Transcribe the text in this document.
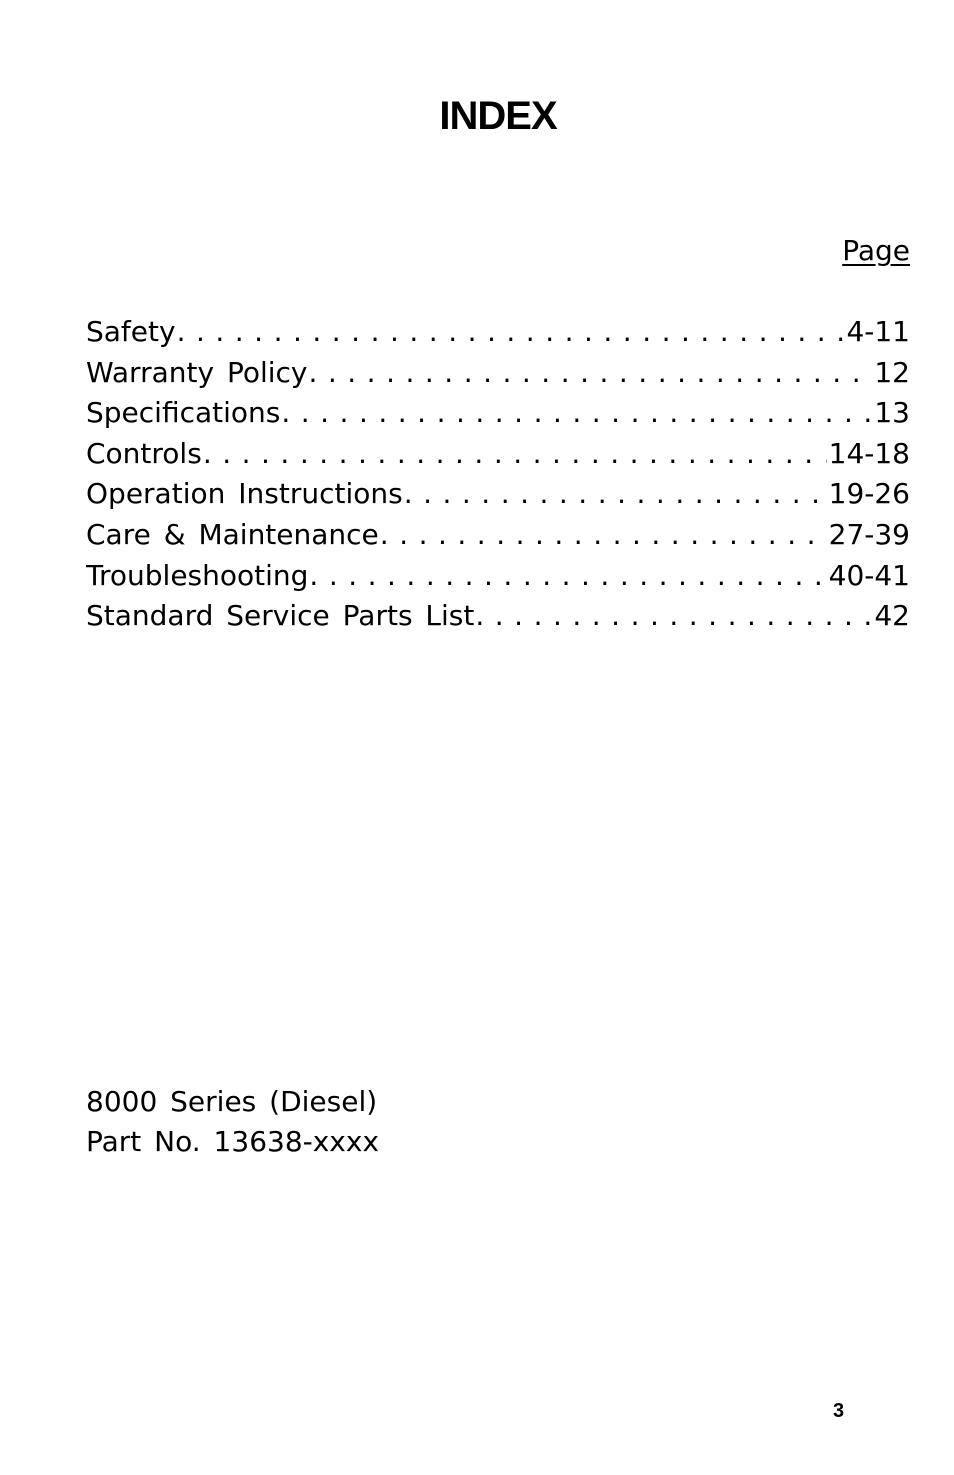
INDEX
Page
Safety . . .	4-11
Warranty Policy . . .	12
Specifications . . .	13
Controls . . .	14-18
Operation Instructions . . .	19-26
Care & Maintenance . . .	27-39
Troubleshooting . . .	40-41
Standard Service Parts List . . .	42
8000 Series (Diesel)
Part No. 13638-xxxx
3
